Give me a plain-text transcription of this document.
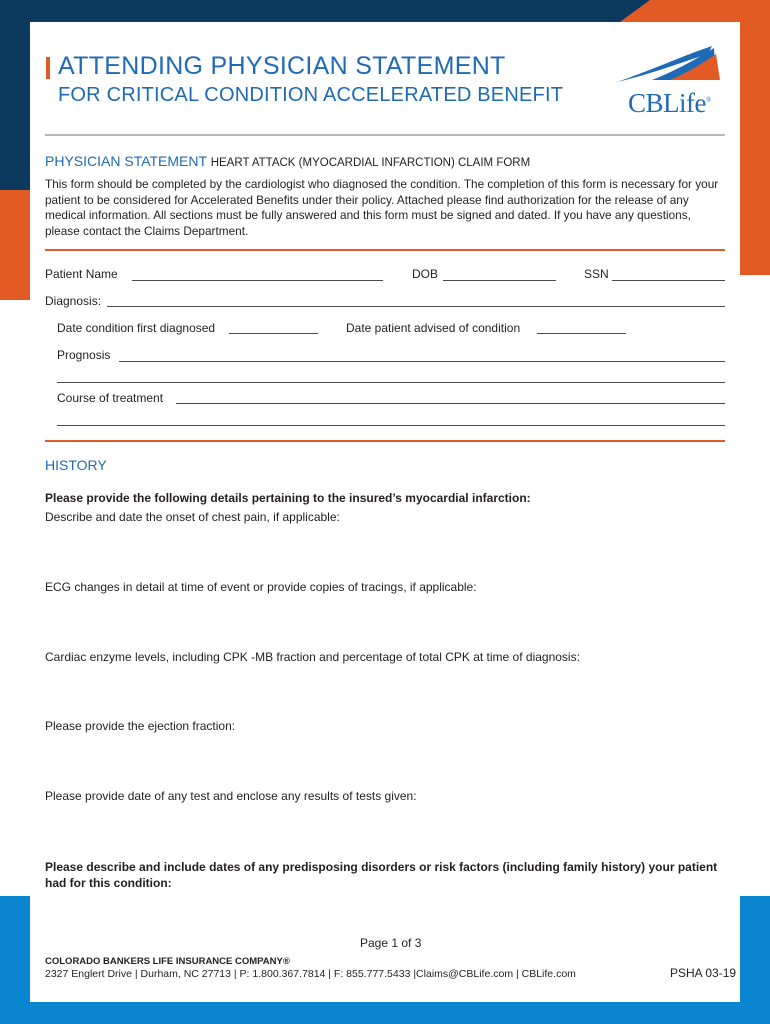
ATTENDING PHYSICIAN STATEMENT
FOR CRITICAL CONDITION ACCELERATED BENEFIT CBLife®
PHYSICIAN STATEMENT HEART ATTACK (MYOCARDIAL INFARCTION) CLAIM FORM
This form should be completed by the cardiologist who diagnosed the condition. The completion of this form is necessary for your patient to be considered for Accelerated Benefits under their policy. Attached please find authorization for the release of any medical information. All sections must be fully answered and this form must be signed and dated. If you have any questions, please contact the Claims Department.
Patient Name	DOB	SSN
Diagnosis:
Date condition first diagnosed	Date patient advised of condition
Prognosis
Course of treatment
HISTORY
Please provide the following details pertaining to the insured’s myocardial infarction:
Describe and date the onset of chest pain, if applicable:
ECG changes in detail at time of event or provide copies of tracings, if applicable:
Cardiac enzyme levels, including CPK -MB fraction and percentage of total CPK at time of diagnosis:
Please provide the ejection fraction:
Please provide date of any test and enclose any results of tests given:
Please describe and include dates of any predisposing disorders or risk factors (including family history) your patient had for this condition:
Page 1 of 3
COLORADO BANKERS LIFE INSURANCE COMPANY®
2327 Englert Drive | Durham, NC 27713 | P: 1.800.367.7814 | F: 855.777.5433 |Claims@CBLife.com | CBLife.com	PSHA 03-19
